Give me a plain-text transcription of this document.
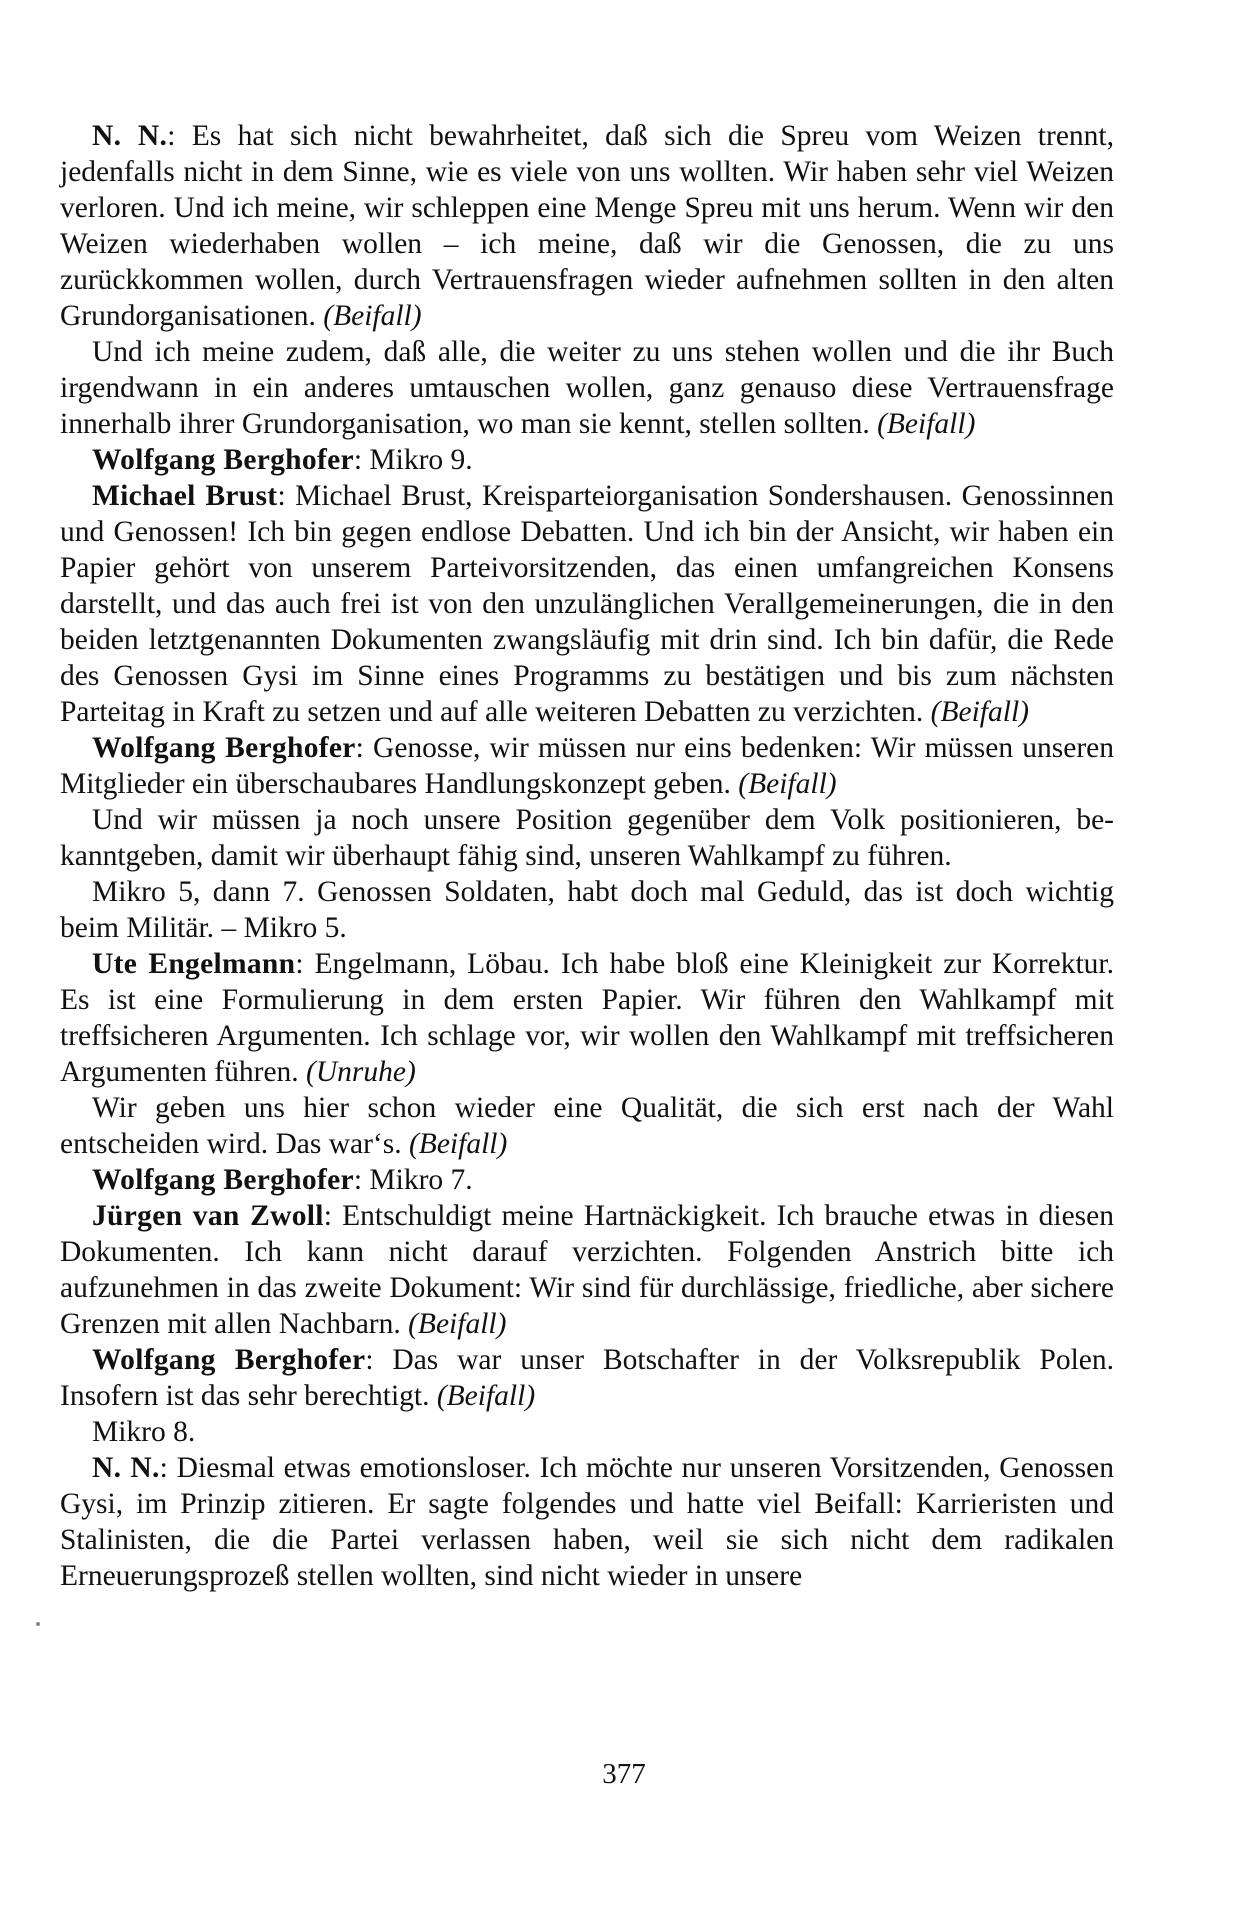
N. N.: Es hat sich nicht bewahrheitet, daß sich die Spreu vom Weizen trennt, jedenfalls nicht in dem Sinne, wie es viele von uns wollten. Wir haben sehr viel Weizen verloren. Und ich meine, wir schleppen eine Menge Spreu mit uns herum. Wenn wir den Weizen wiederhaben wollen – ich meine, daß wir die Genossen, die zu uns zurückkommen wollen, durch Vertrauensfragen wieder aufnehmen sollten in den alten Grundorganisationen. (Beifall)

Und ich meine zudem, daß alle, die weiter zu uns stehen wollen und die ihr Buch irgendwann in ein anderes umtauschen wollen, ganz genauso diese Vertrauensfrage innerhalb ihrer Grundorganisation, wo man sie kennt, stellen sollten. (Beifall)

Wolfgang Berghofer: Mikro 9.

Michael Brust: Michael Brust, Kreisparteiorganisation Sondershausen. Genossinnen und Genossen! Ich bin gegen endlose Debatten. Und ich bin der Ansicht, wir haben ein Papier gehört von unserem Parteivorsitzenden, das einen umfangreichen Konsens darstellt, und das auch frei ist von den unzulänglichen Verallgemeinerungen, die in den beiden letztgenannten Dokumenten zwangsläufig mit drin sind. Ich bin dafür, die Rede des Genossen Gysi im Sinne eines Programms zu bestätigen und bis zum nächsten Parteitag in Kraft zu setzen und auf alle weiteren Debatten zu verzichten. (Beifall)

Wolfgang Berghofer: Genosse, wir müssen nur eins bedenken: Wir müssen unseren Mitglieder ein überschaubares Handlungskonzept geben. (Beifall)

Und wir müssen ja noch unsere Position gegenüber dem Volk positionieren, bekanntgeben, damit wir überhaupt fähig sind, unseren Wahlkampf zu führen.

Mikro 5, dann 7. Genossen Soldaten, habt doch mal Geduld, das ist doch wichtig beim Militär. – Mikro 5.

Ute Engelmann: Engelmann, Löbau. Ich habe bloß eine Kleinigkeit zur Korrektur. Es ist eine Formulierung in dem ersten Papier. Wir führen den Wahlkampf mit treffsicheren Argumenten. Ich schlage vor, wir wollen den Wahlkampf mit treffsicheren Argumenten führen. (Unruhe)

Wir geben uns hier schon wieder eine Qualität, die sich erst nach der Wahl entscheiden wird. Das war‘s. (Beifall)

Wolfgang Berghofer: Mikro 7.

Jürgen van Zwoll: Entschuldigt meine Hartnäckigkeit. Ich brauche etwas in diesen Dokumenten. Ich kann nicht darauf verzichten. Folgenden Anstrich bitte ich aufzunehmen in das zweite Dokument: Wir sind für durchlässige, friedliche, aber sichere Grenzen mit allen Nachbarn. (Beifall)

Wolfgang Berghofer: Das war unser Botschafter in der Volksrepublik Polen. Insofern ist das sehr berechtigt. (Beifall)

Mikro 8.

N. N.: Diesmal etwas emotionsloser. Ich möchte nur unseren Vorsitzenden, Genossen Gysi, im Prinzip zitieren. Er sagte folgendes und hatte viel Beifall: Karrieristen und Stalinisten, die die Partei verlassen haben, weil sie sich nicht dem radikalen Erneuerungsprozeß stellen wollten, sind nicht wieder in unsere

377
